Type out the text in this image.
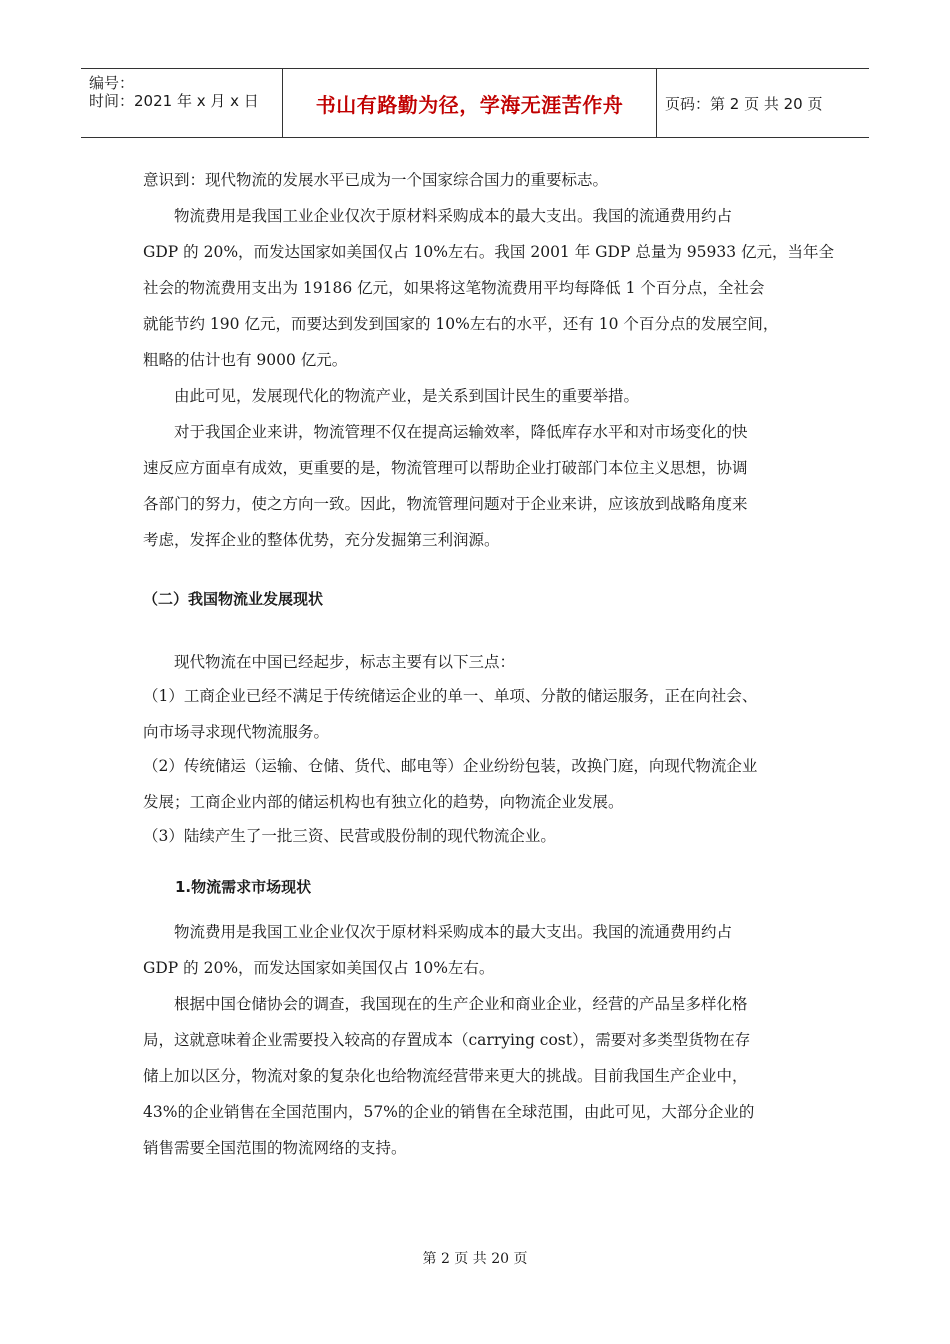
编号：
时间：2021 年 x 月 x 日	书山有路勤为径，学海无涯苦作舟	页码：第 2 页 共 20 页
意识到：现代物流的发展水平已成为一个国家综合国力的重要标志。
　　物流费用是我国工业企业仅次于原材料采购成本的最大支出。我国的流通费用约占
GDP 的 20%，而发达国家如美国仅占 10%左右。我国 2001 年 GDP 总量为 95933 亿元，当年全
社会的物流费用支出为 19186 亿元，如果将这笔物流费用平均每降低 1 个百分点，全社会
就能节约 190 亿元，而要达到发到国家的 10%左右的水平，还有 10 个百分点的发展空间，
粗略的估计也有 9000 亿元。
　　由此可见，发展现代化的物流产业，是关系到国计民生的重要举措。
　　对于我国企业来讲，物流管理不仅在提高运输效率，降低库存水平和对市场变化的快
速反应方面卓有成效，更重要的是，物流管理可以帮助企业打破部门本位主义思想，协调
各部门的努力，使之方向一致。因此，物流管理问题对于企业来讲，应该放到战略角度来
考虑，发挥企业的整体优势，充分发掘第三利润源。
（二）我国物流业发展现状
　　现代物流在中国已经起步，标志主要有以下三点：
（1）工商企业已经不满足于传统储运企业的单一、单项、分散的储运服务，正在向社会、
向市场寻求现代物流服务。
（2）传统储运（运输、仓储、货代、邮电等）企业纷纷包装，改换门庭，向现代物流企业
发展；工商企业内部的储运机构也有独立化的趋势，向物流企业发展。
（3）陆续产生了一批三资、民营或股份制的现代物流企业。
1.物流需求市场现状
　　物流费用是我国工业企业仅次于原材料采购成本的最大支出。我国的流通费用约占
GDP 的 20%，而发达国家如美国仅占 10%左右。
　　根据中国仓储协会的调查，我国现在的生产企业和商业企业，经营的产品呈多样化格
局，这就意味着企业需要投入较高的存置成本（carrying cost），需要对多类型货物在存
储上加以区分，物流对象的复杂化也给物流经营带来更大的挑战。目前我国生产企业中，
43%的企业销售在全国范围内，57%的企业的销售在全球范围，由此可见，大部分企业的
销售需要全国范围的物流网络的支持。
第 2 页 共 20 页
